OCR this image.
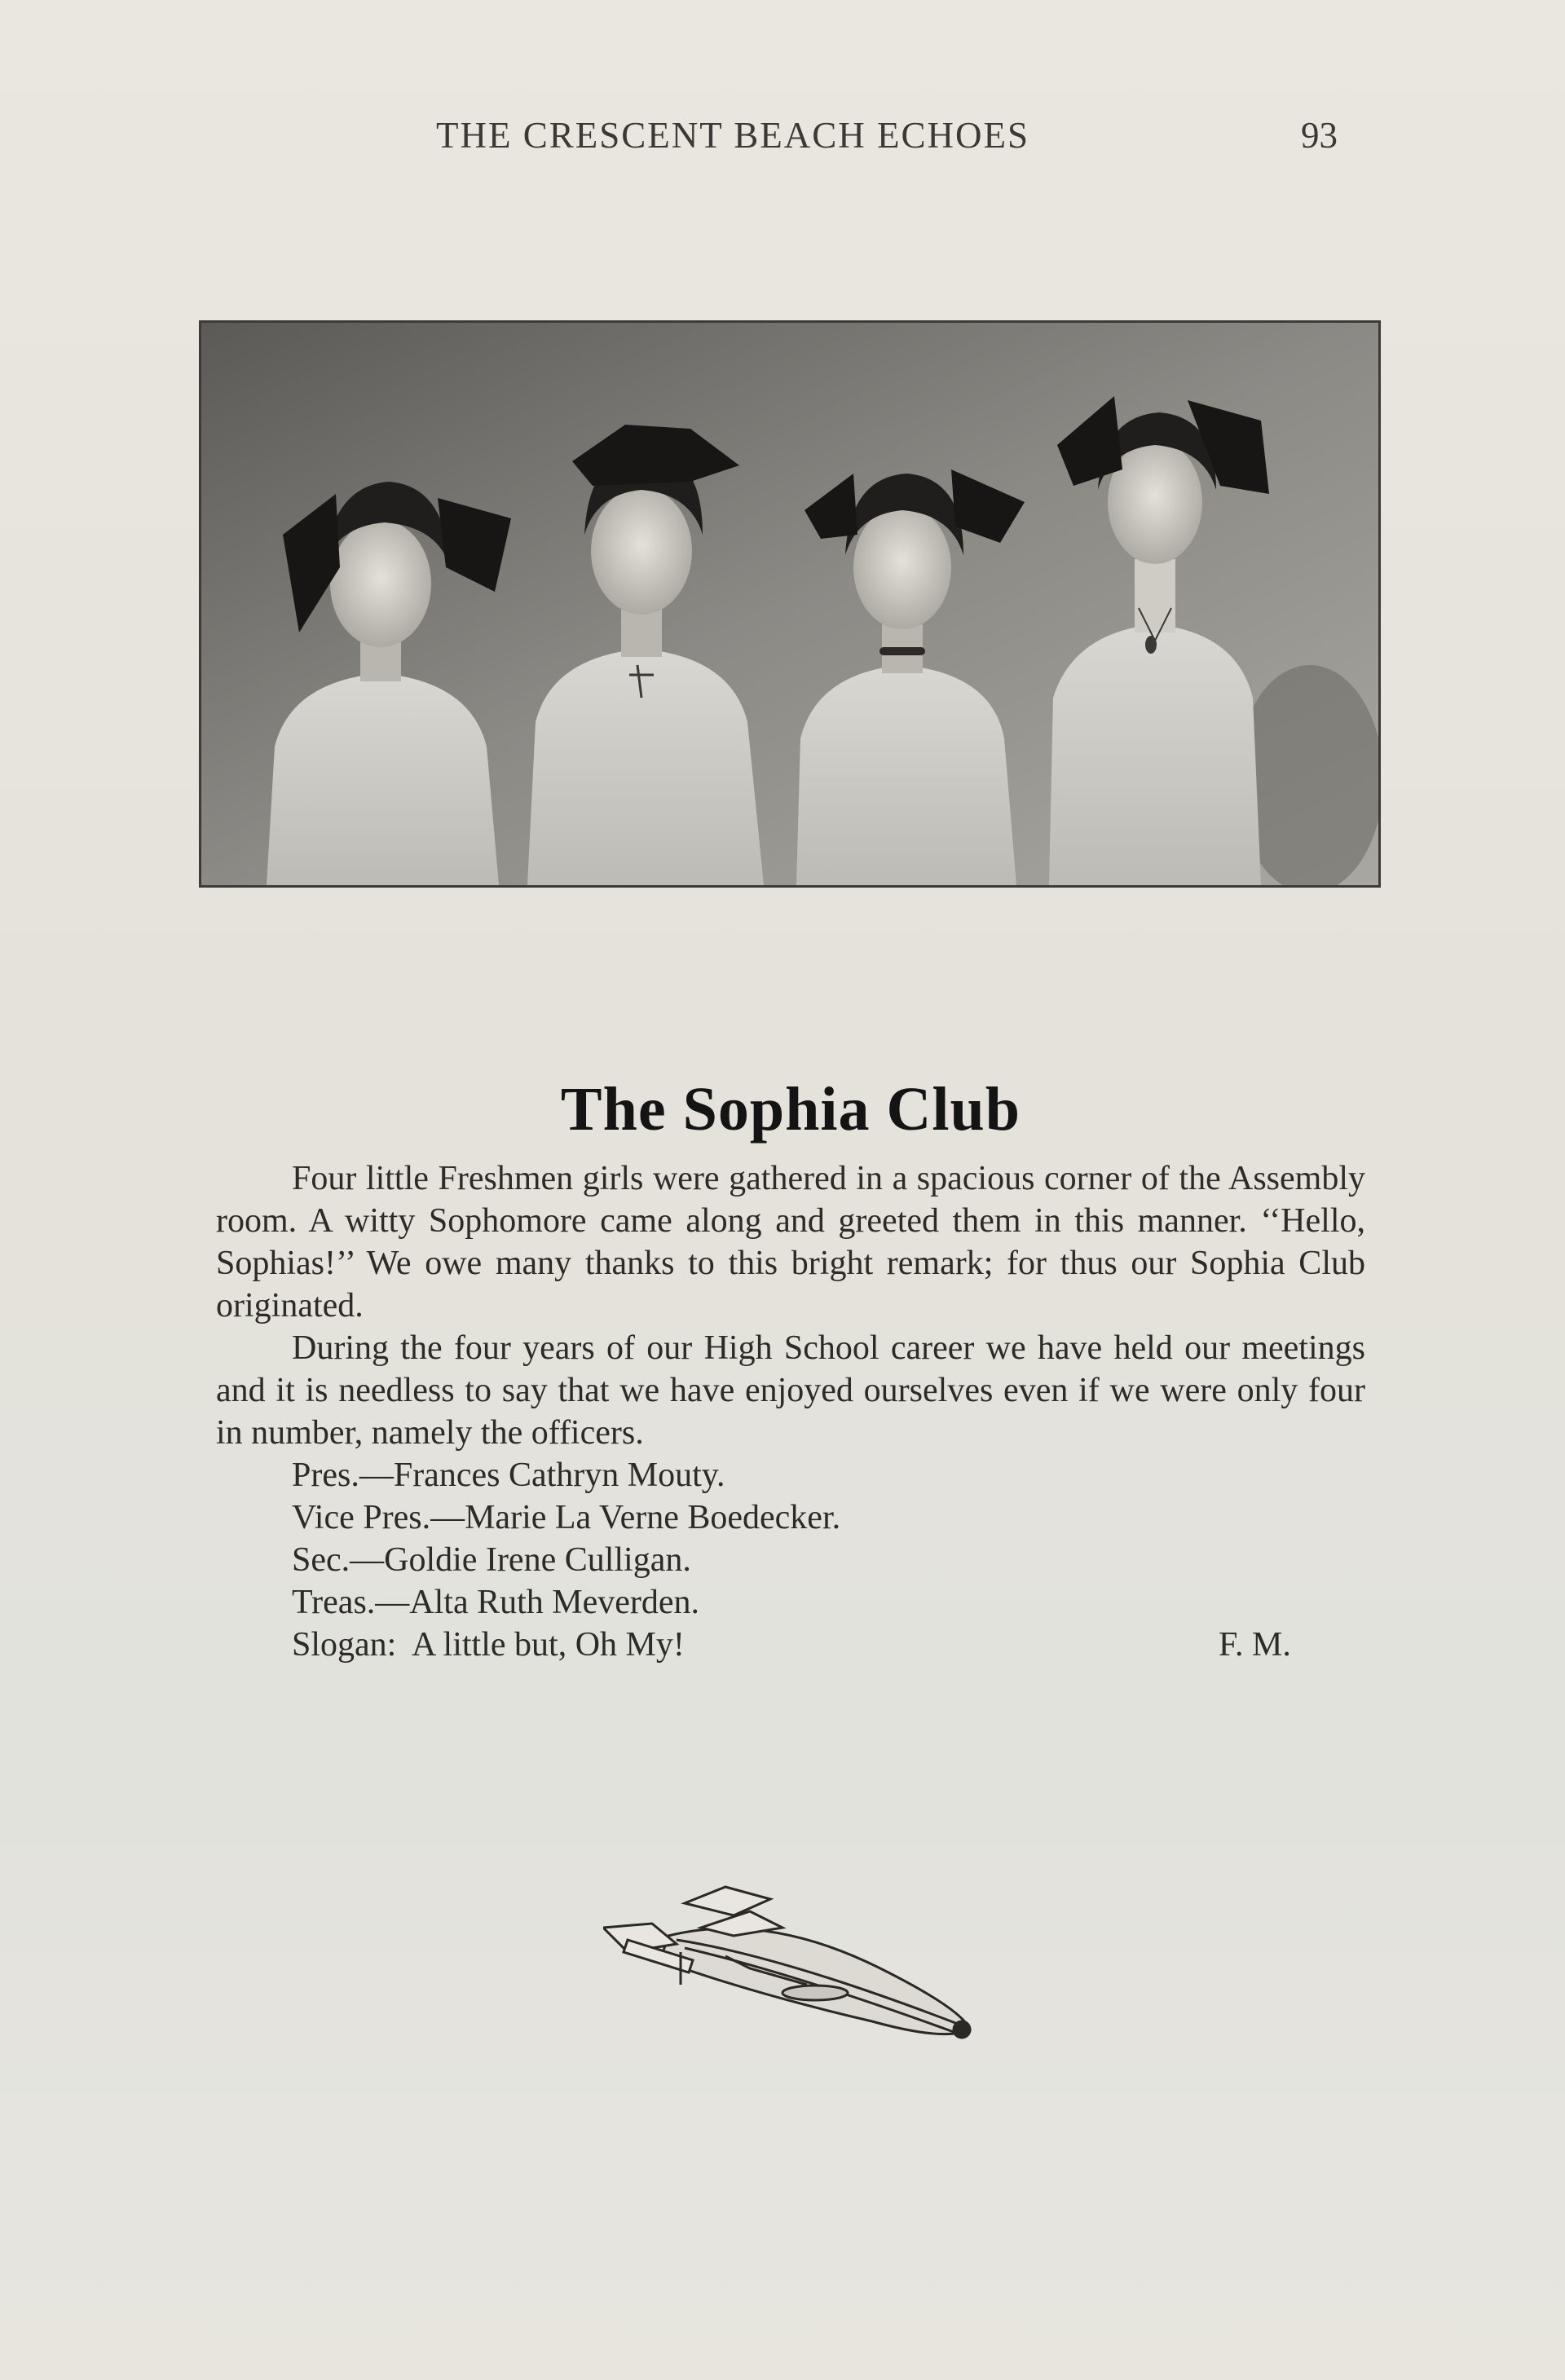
THE CRESCENT BEACH ECHOES	93
The Sophia Club

Four little Freshmen girls were gathered in a spacious corner of the Assembly room. A witty Sophomore came along and greeted them in this manner. ‘‘Hello, Sophias!’’ We owe many thanks to this bright remark; for thus our Sophia Club originated.

During the four years of our High School career we have held our meetings and it is needless to say that we have enjoyed ourselves even if we were only four in number, namely the officers.

Pres.—Frances Cathryn Mouty.
Vice Pres.—Marie La Verne Boedecker.
Sec.—Goldie Irene Culligan.
Treas.—Alta Ruth Meverden.
Slogan:  A little but, Oh My!	F. M.
